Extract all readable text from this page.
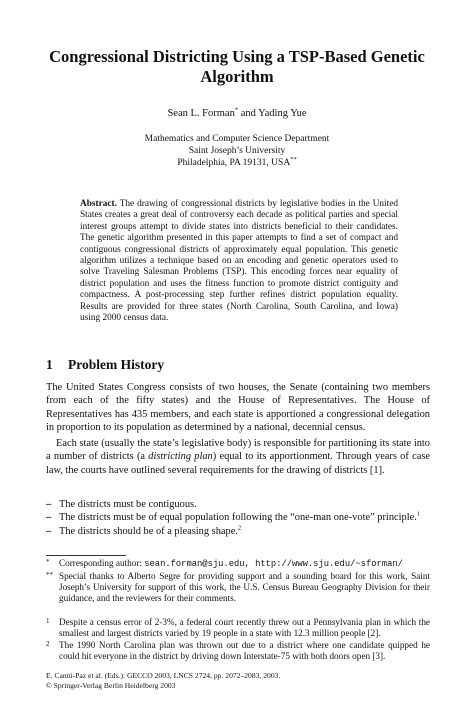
Congressional Districting Using a TSP-Based Genetic Algorithm
Sean L. Forman* and Yading Yue
Mathematics and Computer Science Department
Saint Joseph’s University
Philadelphia, PA 19131, USA**
Abstract. The drawing of congressional districts by legislative bodies in the United States creates a great deal of controversy each decade as political parties and special interest groups attempt to divide states into districts beneficial to their candidates. The genetic algorithm presented in this paper attempts to find a set of compact and contiguous congressional districts of approximately equal population. This genetic algorithm utilizes a technique based on an encoding and genetic operators used to solve Traveling Salesman Problems (TSP). This encoding forces near equality of district population and uses the fitness function to promote district contiguity and compactness. A post-processing step further refines district population equality. Results are provided for three states (North Carolina, South Carolina, and Iowa) using 2000 census data.
1 Problem History
The United States Congress consists of two houses, the Senate (containing two members from each of the fifty states) and the House of Representatives. The House of Representatives has 435 members, and each state is apportioned a congressional delegation in proportion to its population as determined by a national, decennial census.
Each state (usually the state’s legislative body) is responsible for partitioning its state into a number of districts (a districting plan) equal to its apportionment. Through years of case law, the courts have outlined several requirements for the drawing of districts [1].
– The districts must be contiguous.
– The districts must be of equal population following the “one-man one-vote” principle.$^1$
– The districts should be of a pleasing shape.$^2$
*	Corresponding author: sean.forman@sju.edu, http://www.sju.edu/~sforman/
** Special thanks to Alberto Segre for providing support and a sounding board for this work, Saint Joseph’s University for support of this work, the U.S. Census Bureau Geography Division for their guidance, and the reviewers for their comments.
1	Despite a census error of 2-3%, a federal court recently threw out a Pennsylvania plan in which the smallest and largest districts varied by 19 people in a state with 12.3 million people [2].
2	The 1990 North Carolina plan was thrown out due to a district where one candidate quipped he could hit everyone in the district by driving down Interstate-75 with both doors open [3].
E. Cantú-Paz et al. (Eds.): GECCO 2003, LNCS 2724, pp. 2072–2083, 2003.
© Springer-Verlag Berlin Heidelberg 2003
